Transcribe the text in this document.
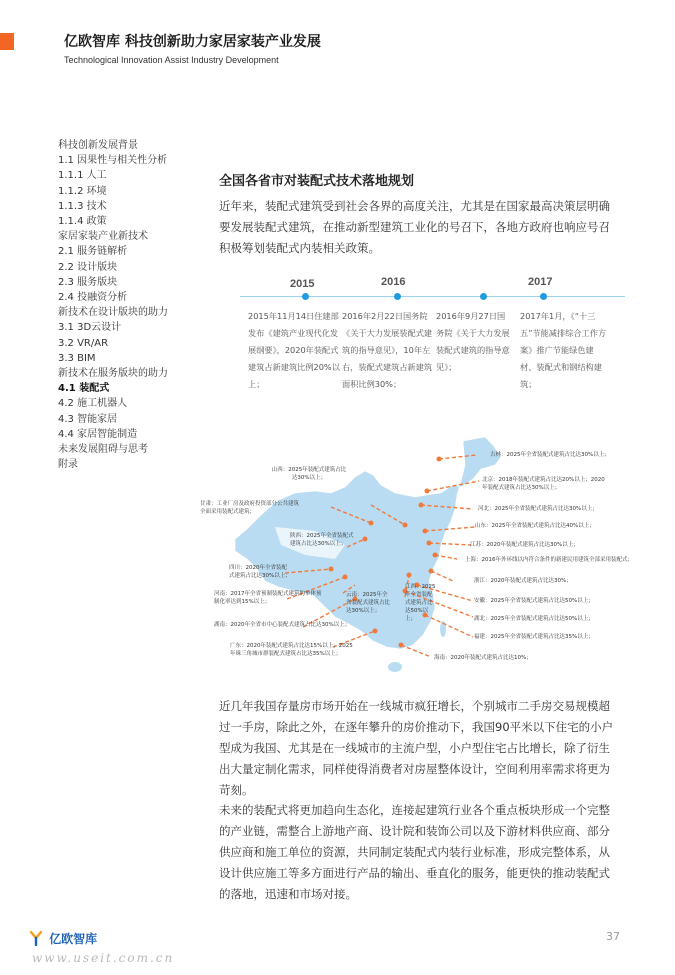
亿欧智库 科技创新助力家居家装产业发展
Technological Innovation Assist Industry Development
科技创新发展背景
1.1 因果性与相关性分析
1.1.1 人工
1.1.2 环境
1.1.3 技术
1.1.4 政策
家居家装产业新技术
2.1 服务链解析
2.2 设计版块
2.3 服务版块
2.4 投融资分析
新技术在设计版块的助力
3.1 3D云设计
3.2 VR/AR
3.3 BIM
新技术在服务版块的助力
4.1 装配式
4.2 施工机器人
4.3 智能家居
4.4 家居智能制造
未来发展阻碍与思考
附录
全国各省市对装配式技术落地规划
近年来，装配式建筑受到社会各界的高度关注，尤其是在国家最高决策层明确要发展装配式建筑，在推动新型建筑工业化的号召下，各地方政府也响应号召积极筹划装配式内装相关政策。
2015	2016	2017
2015年11月14日住建部发布《建筑产业现代化发展纲要》，2020年装配式建筑占新建筑比例20%以上；
2016年2月22日国务院《关于大力发展装配式建筑的指导意见》，10年左右，装配式建筑占新建筑面积比例30%；
2016年9月27日国务院《关于大力发展装配式建筑的指导意见》；
2017年1月，《“十三五”节能减排综合工作方案》推广节能绿色建材、装配式和钢结构建筑；
山西：2025年装配式建筑占比达30%以上；
甘肃：工业厂房及政府投资部分公共建筑全面采用装配式建筑；
陕西：2025年全省装配式建筑占比达30%以上；
四川：2020年全省装配式建筑占比达30%以上；
河南：2017年全省预制装配式建筑的单体预制化率达到15%以上；
云南：2025年全省装配式建筑占比达30%以上；
湖南：2020年全省市中心装配式建筑占比达30%以上；
广东：2020年装配式建筑占比达15%以上；2025年珠三角城市群装配式建筑占比达35%以上；
江西：2025年全省装配式建筑占比达50%以上；
吉林：2025年全省装配式建筑占比达30%以上；
北京：2018年装配式建筑占比达20%以上；2020年装配式建筑占比达30%以上；
河北：2025年全省装配式建筑占比达30%以上；
山东：2025年全省装配式建筑占比达40%以上；
江苏：2020年装配式建筑占比达30%以上；
上海：2016年外环线以内符合条件的新建民用建筑全部采用装配式；
浙江：2020年装配式建筑占比达30%；
安徽：2025年全省装配式建筑占比达50%以上；
湖北：2025年全省装配式建筑占比达50%以上；
福建：2025年全省装配式建筑占比达35%以上；
海南：2020年装配式建筑占比达10%；
近几年我国存量房市场开始在一线城市疯狂增长，个别城市二手房交易规模超过一手房，除此之外，在逐年攀升的房价推动下，我国90平米以下住宅的小户型成为我国、尤其是在一线城市的主流户型，小户型住宅占比增长，除了衍生出大量定制化需求，同样使得消费者对房屋整体设计，空间利用率需求将更为苛刻。
未来的装配式将更加趋向生态化，连接起建筑行业各个重点板块形成一个完整的产业链，需整合上游地产商、设计院和装饰公司以及下游材料供应商、部分供应商和施工单位的资源，共同制定装配式内装行业标准，形成完整体系，从设计供应施工等多方面进行产品的输出、垂直化的服务，能更快的推动装配式的落地，迅速和市场对接。
亿欧智库	37
www.useit.com.cn
